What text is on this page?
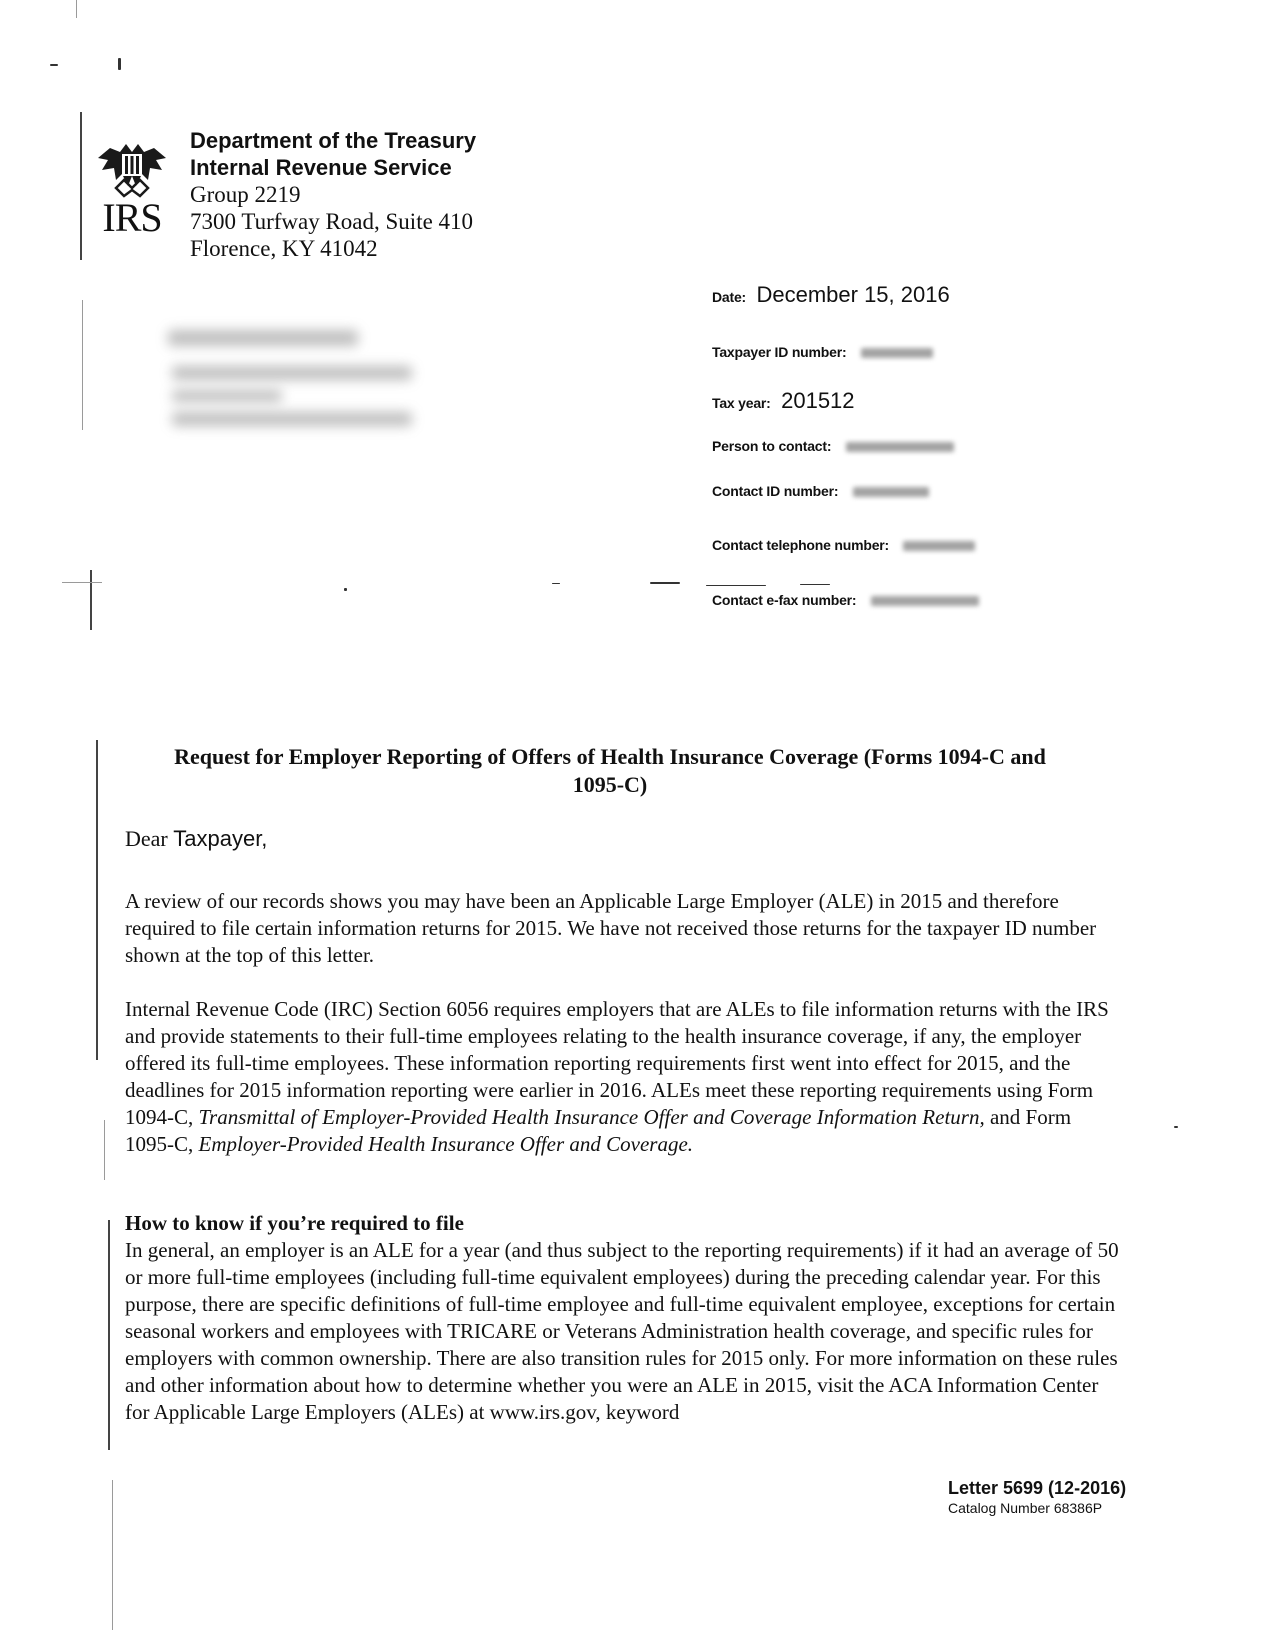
IRS
Department of the Treasury
Internal Revenue Service
Group 2219
7300 Turfway Road, Suite 410
Florence, KY 41042
Date: December 15, 2016
Taxpayer ID number:
Tax year: 201512
Person to contact:
Contact ID number:
Contact telephone number:
Contact e-fax number:
Request for Employer Reporting of Offers of Health Insurance Coverage (Forms 1094-C and 1095-C)
Dear Taxpayer,

A review of our records shows you may have been an Applicable Large Employer (ALE) in 2015 and therefore required to file certain information returns for 2015. We have not received those returns for the taxpayer ID number shown at the top of this letter.

Internal Revenue Code (IRC) Section 6056 requires employers that are ALEs to file information returns with the IRS and provide statements to their full-time employees relating to the health insurance coverage, if any, the employer offered its full-time employees. These information reporting requirements first went into effect for 2015, and the deadlines for 2015 information reporting were earlier in 2016. ALEs meet these reporting requirements using Form 1094-C, Transmittal of Employer-Provided Health Insurance Offer and Coverage Information Return, and Form 1095-C, Employer-Provided Health Insurance Offer and Coverage.

How to know if you’re required to file

In general, an employer is an ALE for a year (and thus subject to the reporting requirements) if it had an average of 50 or more full-time employees (including full-time equivalent employees) during the preceding calendar year. For this purpose, there are specific definitions of full-time employee and full-time equivalent employee, exceptions for certain seasonal workers and employees with TRICARE or Veterans Administration health coverage, and specific rules for employers with common ownership. There are also transition rules for 2015 only. For more information on these rules and other information about how to determine whether you were an ALE in 2015, visit the ACA Information Center for Applicable Large Employers (ALEs) at www.irs.gov, keyword

Letter 5699 (12-2016)
Catalog Number 68386P
